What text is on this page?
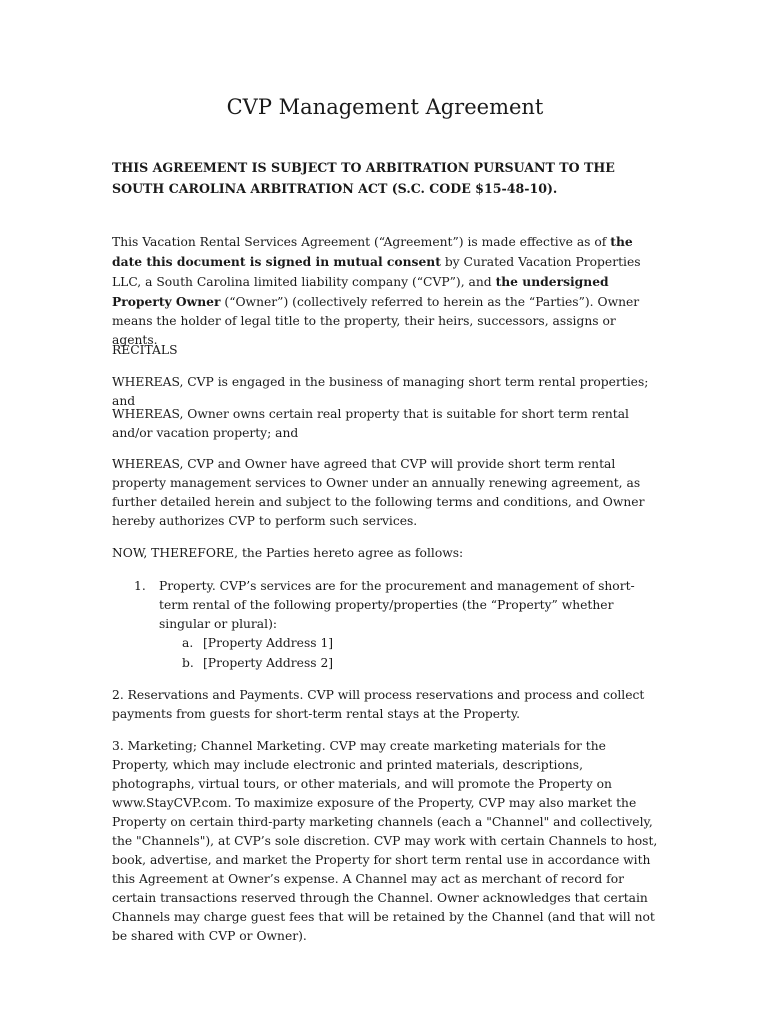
CVP Management Agreement

THIS AGREEMENT IS SUBJECT TO ARBITRATION PURSUANT TO THE SOUTH CAROLINA ARBITRATION ACT (S.C. CODE $15-48-10).

This Vacation Rental Services Agreement (“Agreement”) is made effective as of the date this document is signed in mutual consent by Curated Vacation Properties LLC, a South Carolina limited liability company (“CVP”), and the undersigned Property Owner (“Owner”) (collectively referred to herein as the “Parties”). Owner means the holder of legal title to the property, their heirs, successors, assigns or agents.

RECITALS

WHEREAS, CVP is engaged in the business of managing short term rental properties; and

WHEREAS, Owner owns certain real property that is suitable for short term rental and/or vacation property; and

WHEREAS, CVP and Owner have agreed that CVP will provide short term rental property management services to Owner under an annually renewing agreement, as further detailed herein and subject to the following terms and conditions, and Owner hereby authorizes CVP to perform such services.

NOW, THEREFORE, the Parties hereto agree as follows:

1. Property. CVP’s services are for the procurement and management of short-term rental of the following property/properties (the “Property” whether singular or plural):
a. [Property Address 1]
b. [Property Address 2]

2. Reservations and Payments. CVP will process reservations and process and collect payments from guests for short-term rental stays at the Property.

3. Marketing; Channel Marketing. CVP may create marketing materials for the Property, which may include electronic and printed materials, descriptions, photographs, virtual tours, or other materials, and will promote the Property on www.StayCVP.com. To maximize exposure of the Property, CVP may also market the Property on certain third-party marketing channels (each a "Channel" and collectively, the "Channels"), at CVP’s sole discretion. CVP may work with certain Channels to host, book, advertise, and market the Property for short term rental use in accordance with this Agreement at Owner’s expense. A Channel may act as merchant of record for certain transactions reserved through the Channel. Owner acknowledges that certain Channels may charge guest fees that will be retained by the Channel (and that will not be shared with CVP or Owner).
